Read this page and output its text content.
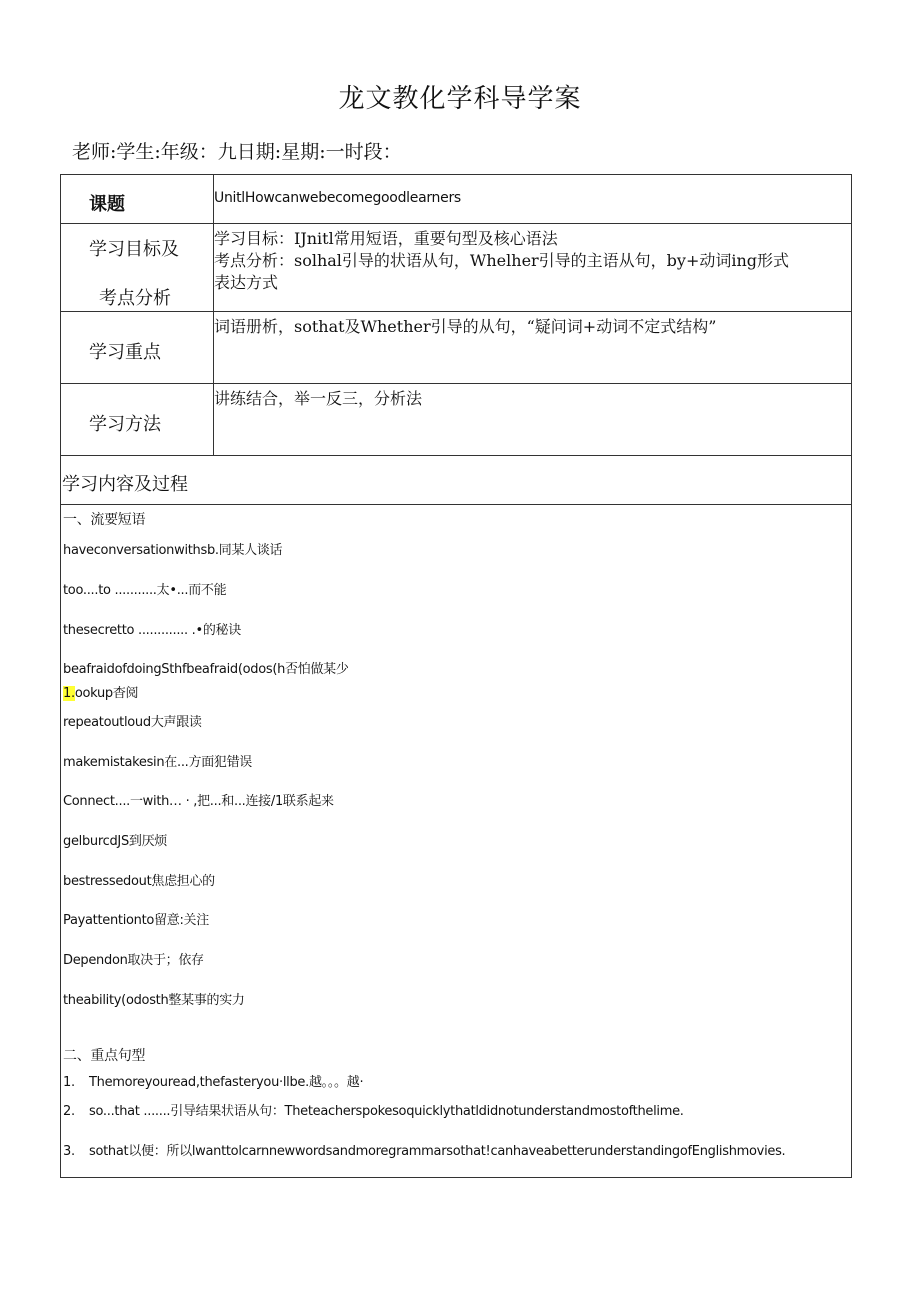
龙文教化学科导学案
老师:学生:年级：九日期:星期:一时段：
课题	UnitlHowcanwebecomegoodlearners
学习目标及
考点分析
学习目标：IJnitl常用短语，重要句型及核心语法
考点分析：solhal引导的状语从句，Whelher引导的主语从句，by+动词ing形式
表达方式
学习重点
词语册析，sothat及Whether引导的从句，“疑问词+动词不定式结构”
学习方法
讲练结合，举一反三，分析法
学习内容及过程
一、流要短语
haveconversationwithsb.同某人谈话
too....to ...........太•...而不能
thesecretto ............. .•的秘诀
beafraidofdoingSthfbeafraid(odos(h否怕做某少
1.ookup杳阅
repeatoutloud大声跟读
makemistakesin在...方面犯错误
Connect....一with… · ,把...和...连接/1联系起来
gelburcdJS到厌烦
bestressedout焦虑担心的
Payattentionto留意:关注
Dependon取决于；依存
theability(odosth整某事的实力
二、重点句型
1. Themoreyouread,thefasteryou·llbe.越。。。越·
2. so...that .......引导结果状语从句：Theteacherspokesoquicklythatldidnotunderstandmostofthelime.
3. sothat以便：所以lwanttolcarnnewwordsandmoregrammarsothat!canhaveabetterunderstandingofEnglishmovies.
